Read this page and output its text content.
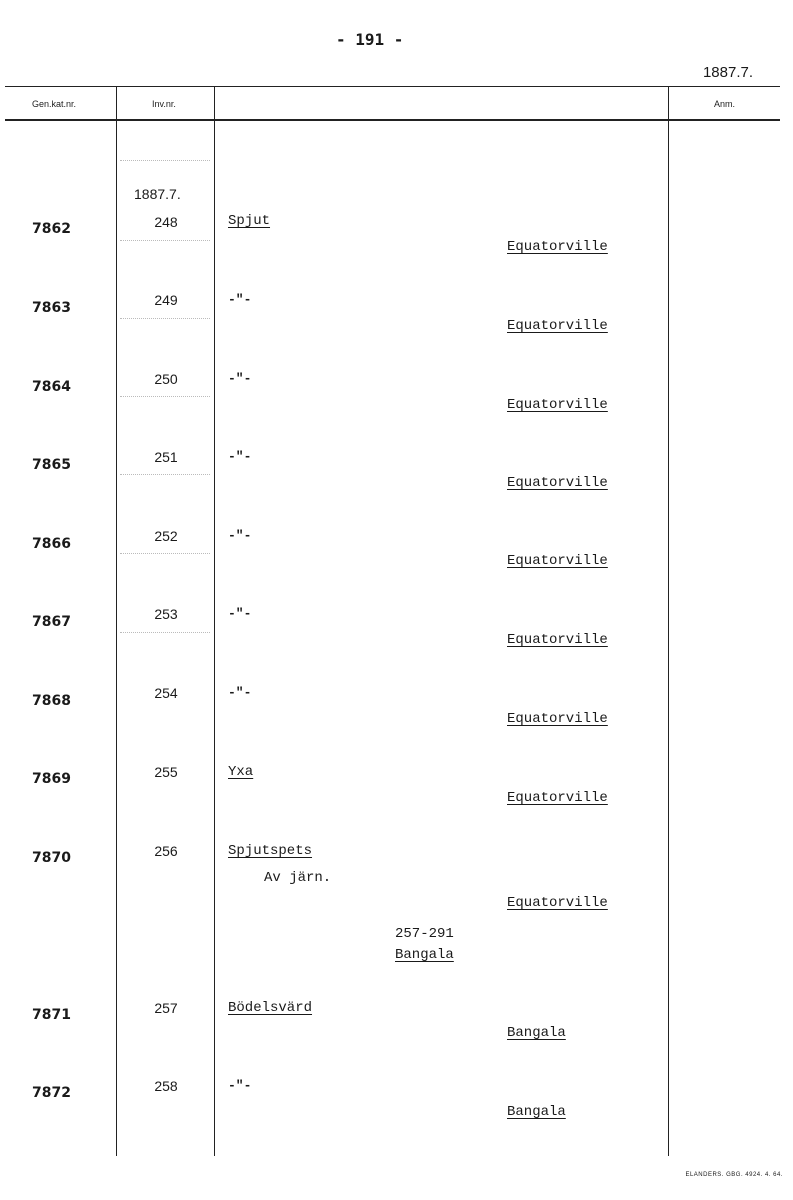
- 191 -
1887.7.
Gen.kat.nr.	Inv.nr.	Anm.
1887.7.
7862	248	Spjut
Equatorville
7863	249	-"-
Equatorville
7864	250	-"-
Equatorville
7865	251	-"-
Equatorville
7866	252	-"-
Equatorville
7867	253	-"-
Equatorville
7868	254	-"-
Equatorville
7869	255	Yxa
Equatorville
7870	256	Spjutspets
Av järn.
Equatorville
257-291
Bangala
7871	257	Bödelsvärd
Bangala
7872	258	-"-
Bangala
ELANDERS. GBG. 4924. 4. 64.
